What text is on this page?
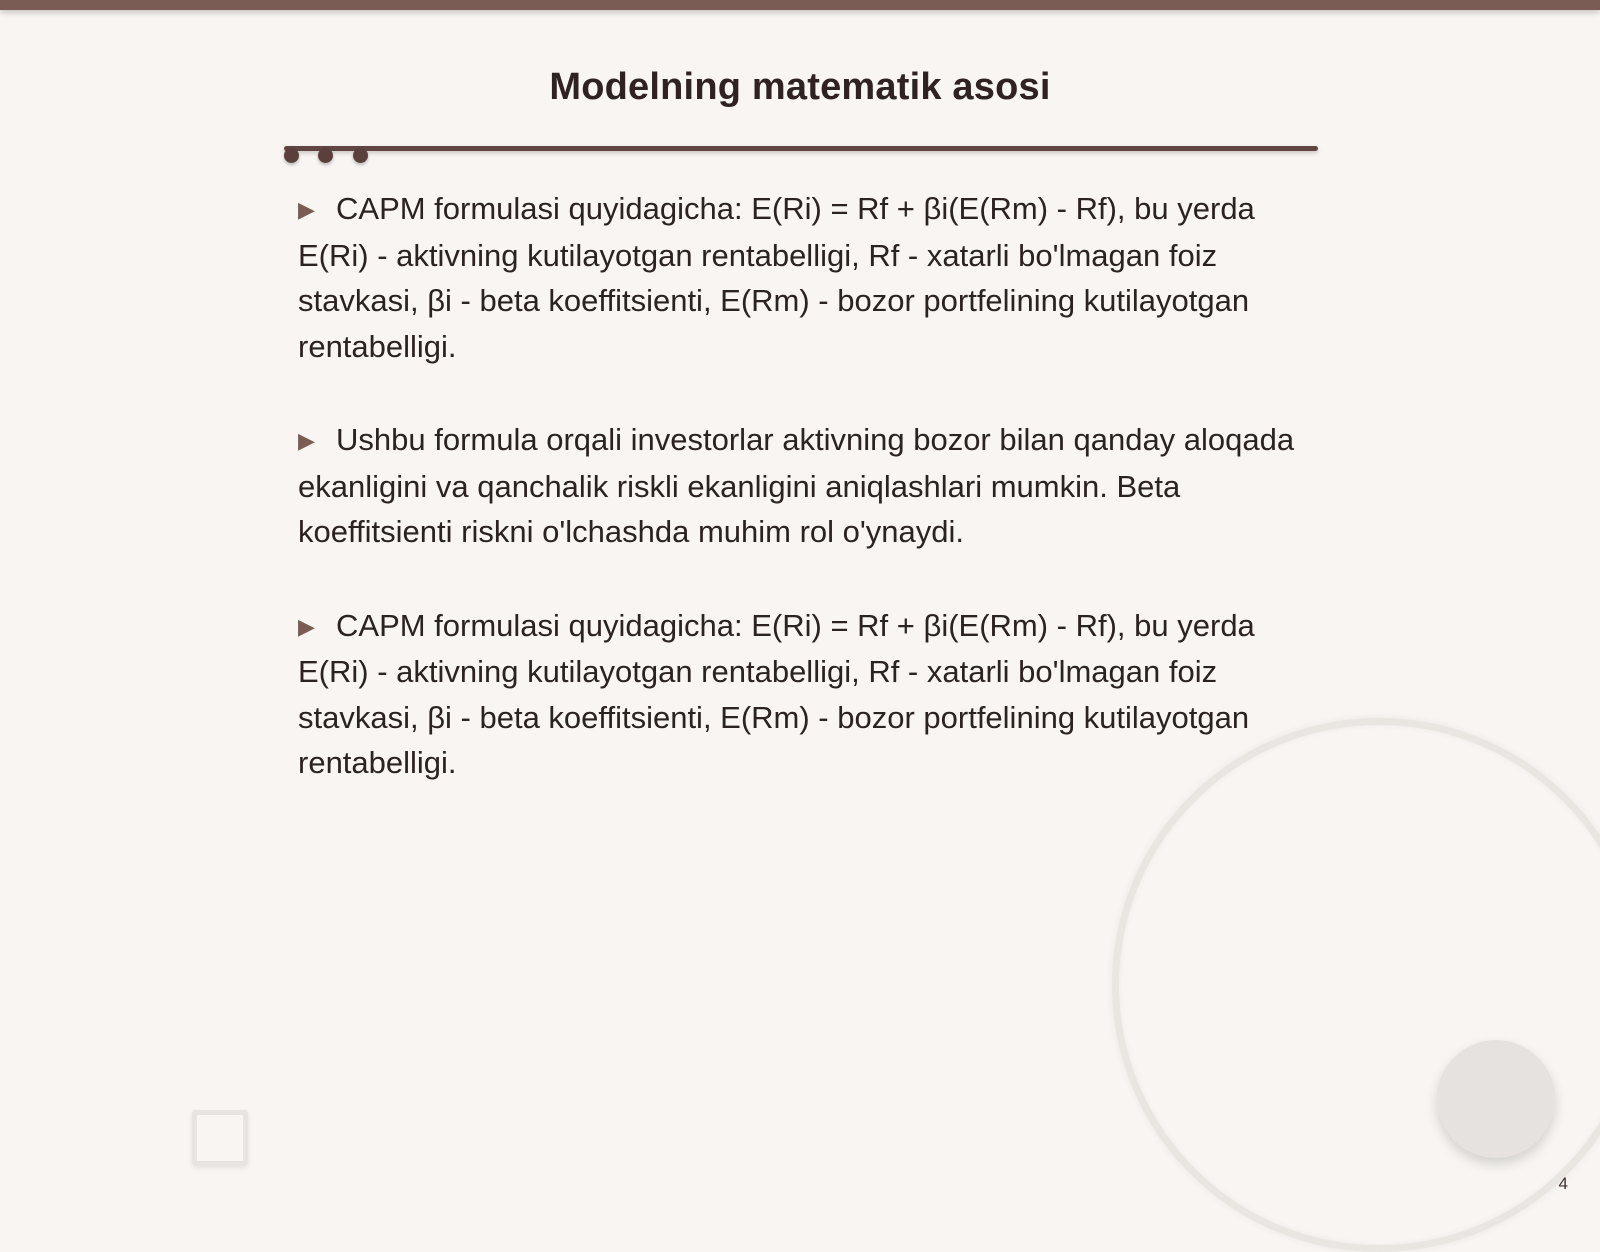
Modelning matematik asosi

▶ CAPM formulasi quyidagicha: E(Ri) = Rf + βi(E(Rm) - Rf), bu yerda E(Ri) - aktivning kutilayotgan rentabelligi, Rf - xatarli bo'lmagan foiz stavkasi, βi - beta koeffitsienti, E(Rm) - bozor portfelining kutilayotgan rentabelligi.

▶ Ushbu formula orqali investorlar aktivning bozor bilan qanday aloqada ekanligini va qanchalik riskli ekanligini aniqlashlari mumkin. Beta koeffitsienti riskni o'lchashda muhim rol o'ynaydi.

▶ CAPM formulasi quyidagicha: E(Ri) = Rf + βi(E(Rm) - Rf), bu yerda E(Ri) - aktivning kutilayotgan rentabelligi, Rf - xatarli bo'lmagan foiz stavkasi, βi - beta koeffitsienti, E(Rm) - bozor portfelining kutilayotgan rentabelligi.

4
